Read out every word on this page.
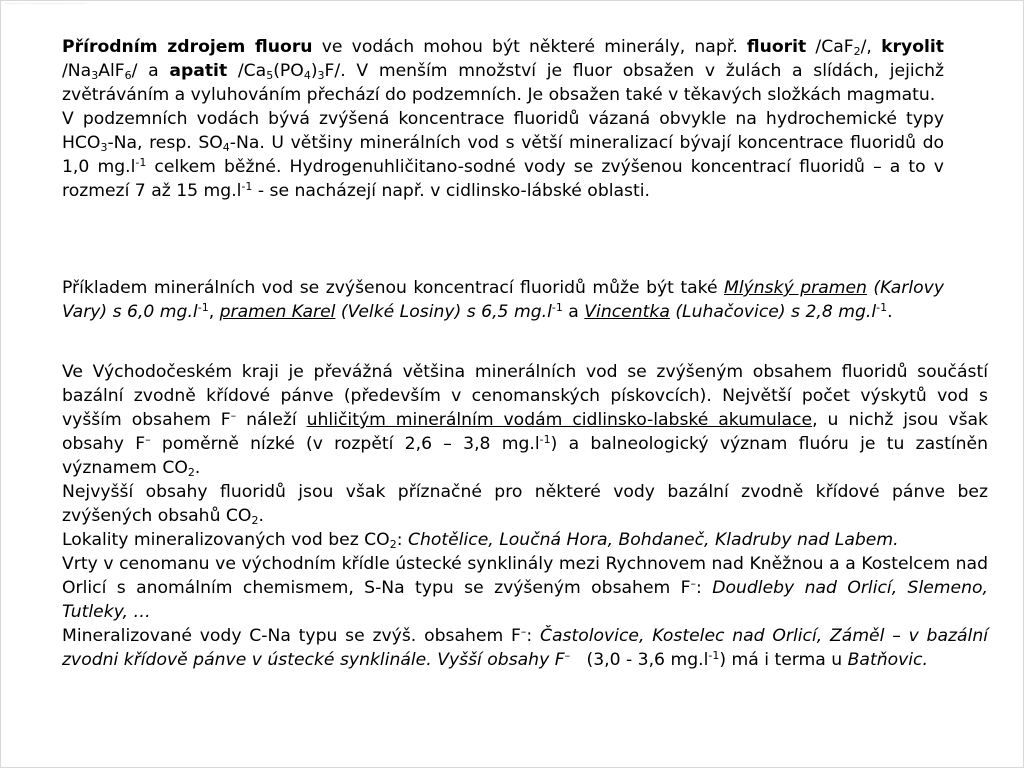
~~~~~~~~~~~~~~~~~~~~~~~~~~~~~~~~~

Přírodním zdrojem fluoru ve vodách mohou být některé minerály, např. fluorit /CaF$_2$/, kryolit $/Na_3AlF_6/$ a apatit $/Ca_5(PO_4)_3F/$. V menším množství je fluor obsažen v žulách a slídách, jejichž zvětráváním a vyluhováním přechází do podzemních. Je obsažen také v těkavých složkách magmatu.

V podzemních vodách bývá zvýšená koncentrace fluoridů vázaná obvykle na hydrochemické typy $HCO_3-Na$, resp. $SO_4-Na$. U většiny minerálních vod s větší mineralizací bývají koncentrace fluoridů do 1,0 $mg.l^{-1}$ celkem běžné. Hydrogenuhličitano-sodné vody se zvýšenou koncentrací fluoridů – a to v rozmezí 7 až 15 $mg.l^{-1}$ - se nacházejí např. v cidlinsko-lábské oblasti.

Příkladem minerálních vod se zvýšenou koncentrací fluoridů může být také Mlýnský pramen (Karlovy Vary) s 6,0 $mg.l^{-1}$, pramen Karel (Velké Losiny) s 6,5 $mg.l^{-1}$ a Vincentka (Luhačovice) s 2,8 $mg.l^{-1}$.

Ve Východočeském kraji je převážná většina minerálních vod se zvýšeným obsahem fluoridů součástí bazální zvodně křídové pánve (především v cenomanských pískovcích). Největší počet výskytů vod s vyšším obsahem F– náleží uhličitým minerálním vodám cidlinsko-labské akumulace, u nichž jsou však obsahy F– poměrně nízké (v rozpětí 2,6 – 3,8 $mg.l^{-1}$) a balneologický význam fluóru je tu zastíněn významem $CO_2$.

Nejvyšší obsahy fluoridů jsou však příznačné pro některé vody bazální zvodně křídové pánve bez zvýšených obsahů $CO_2$.

Lokality mineralizovaných vod bez $CO_2$: Chotělice, Loučná Hora, Bohdaneč, Kladruby nad Labem.

Vrty v cenomanu ve východním křídle ústecké synklinály mezi Rychnovem nad Kněžnou a a Kostelcem nad Orlicí s anomálním chemismem, S-Na typu se zvýšeným obsahem F–: Doudleby nad Orlicí, Slemeno, Tutleky, …

Mineralizované vody C-Na typu se zvýš. obsahem F–: Častolovice, Kostelec nad Orlicí, Záměl – v bazální zvodni křídově pánve v ústecké synklinále. Vyšší obsahy F–   (3,0 - 3,6 $mg.l^{-1}$) má i terma u Batňovic.
